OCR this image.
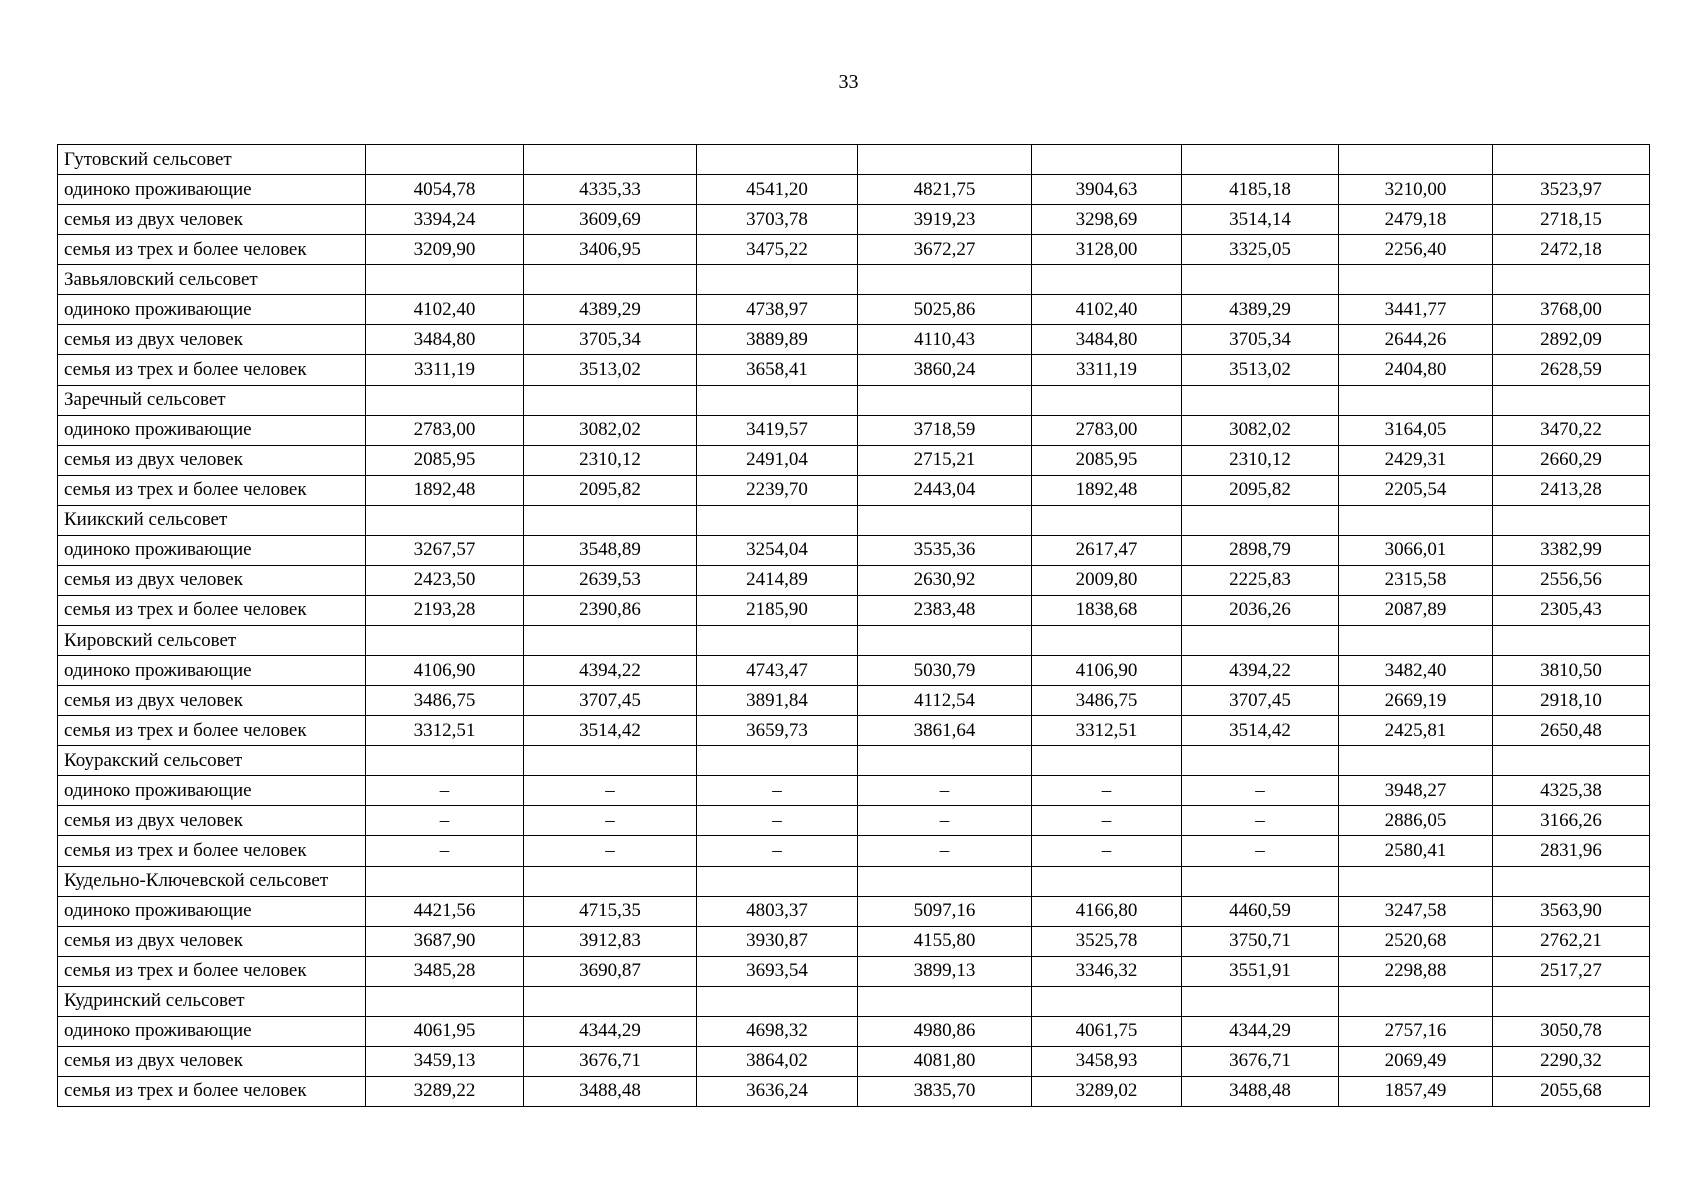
33
Гутовский сельсовет								
одиноко проживающие	4054,78	4335,33	4541,20	4821,75	3904,63	4185,18	3210,00	3523,97
семья из двух человек	3394,24	3609,69	3703,78	3919,23	3298,69	3514,14	2479,18	2718,15
семья из трех и более человек	3209,90	3406,95	3475,22	3672,27	3128,00	3325,05	2256,40	2472,18
Завьяловский сельсовет								
одиноко проживающие	4102,40	4389,29	4738,97	5025,86	4102,40	4389,29	3441,77	3768,00
семья из двух человек	3484,80	3705,34	3889,89	4110,43	3484,80	3705,34	2644,26	2892,09
семья из трех и более человек	3311,19	3513,02	3658,41	3860,24	3311,19	3513,02	2404,80	2628,59
Заречный сельсовет								
одиноко проживающие	2783,00	3082,02	3419,57	3718,59	2783,00	3082,02	3164,05	3470,22
семья из двух человек	2085,95	2310,12	2491,04	2715,21	2085,95	2310,12	2429,31	2660,29
семья из трех и более человек	1892,48	2095,82	2239,70	2443,04	1892,48	2095,82	2205,54	2413,28
Киикский сельсовет								
одиноко проживающие	3267,57	3548,89	3254,04	3535,36	2617,47	2898,79	3066,01	3382,99
семья из двух человек	2423,50	2639,53	2414,89	2630,92	2009,80	2225,83	2315,58	2556,56
семья из трех и более человек	2193,28	2390,86	2185,90	2383,48	1838,68	2036,26	2087,89	2305,43
Кировский сельсовет								
одиноко проживающие	4106,90	4394,22	4743,47	5030,79	4106,90	4394,22	3482,40	3810,50
семья из двух человек	3486,75	3707,45	3891,84	4112,54	3486,75	3707,45	2669,19	2918,10
семья из трех и более человек	3312,51	3514,42	3659,73	3861,64	3312,51	3514,42	2425,81	2650,48
Коуракский сельсовет								
одиноко проживающие	–	–	–	–	–	–	3948,27	4325,38
семья из двух человек	–	–	–	–	–	–	2886,05	3166,26
семья из трех и более человек	–	–	–	–	–	–	2580,41	2831,96
Кудельно-Ключевской сельсовет								
одиноко проживающие	4421,56	4715,35	4803,37	5097,16	4166,80	4460,59	3247,58	3563,90
семья из двух человек	3687,90	3912,83	3930,87	4155,80	3525,78	3750,71	2520,68	2762,21
семья из трех и более человек	3485,28	3690,87	3693,54	3899,13	3346,32	3551,91	2298,88	2517,27
Кудринский сельсовет								
одиноко проживающие	4061,95	4344,29	4698,32	4980,86	4061,75	4344,29	2757,16	3050,78
семья из двух человек	3459,13	3676,71	3864,02	4081,80	3458,93	3676,71	2069,49	2290,32
семья из трех и более человек	3289,22	3488,48	3636,24	3835,70	3289,02	3488,48	1857,49	2055,68
